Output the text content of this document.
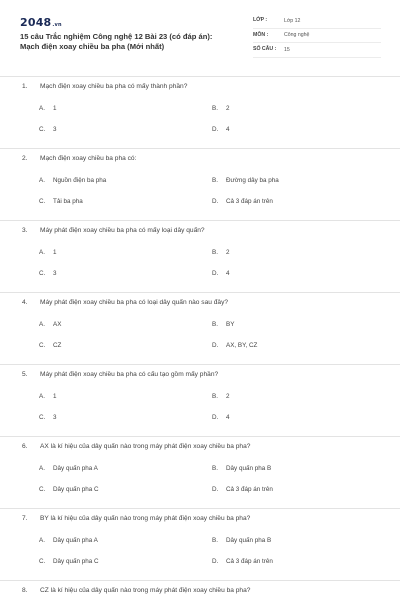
2048.vn
15 câu Trắc nghiệm Công nghệ 12 Bài 23 (có đáp án):
Mạch điện xoay chiều ba pha (Mới nhất)
LỚP :	Lớp 12
MÔN :	Công nghệ
SỐ CÂU : 15
1. Mạch điện xoay chiều ba pha có mấy thành phần?
A. 1	B. 2
C. 3	D. 4
2. Mạch điện xoay chiều ba pha có:
A. Nguồn điện ba pha	B. Đường dây ba pha
C. Tải ba pha	D. Cả 3 đáp án trên
3. Máy phát điện xoay chiều ba pha có mấy loại dây quấn?
A. 1	B. 2
C. 3	D. 4
4. Máy phát điện xoay chiều ba pha có loại dây quấn nào sau đây?
A. AX	B. BY
C. CZ	D. AX, BY, CZ
5. Máy phát điện xoay chiều ba pha có cấu tạo gồm mấy phần?
A. 1	B. 2
C. 3	D. 4
6. AX là kí hiệu của dây quấn nào trong máy phát điện xoay chiều ba pha?
A. Dây quấn pha A	B. Dây quấn pha B
C. Dây quấn pha C	D. Cả 3 đáp án trên
7. BY là kí hiệu của dây quấn nào trong máy phát điện xoay chiều ba pha?
A. Dây quấn pha A	B. Dây quấn pha B
C. Dây quấn pha C	D. Cả 3 đáp án trên
8. CZ là kí hiệu của dây quấn nào trong máy phát điện xoay chiều ba pha?
